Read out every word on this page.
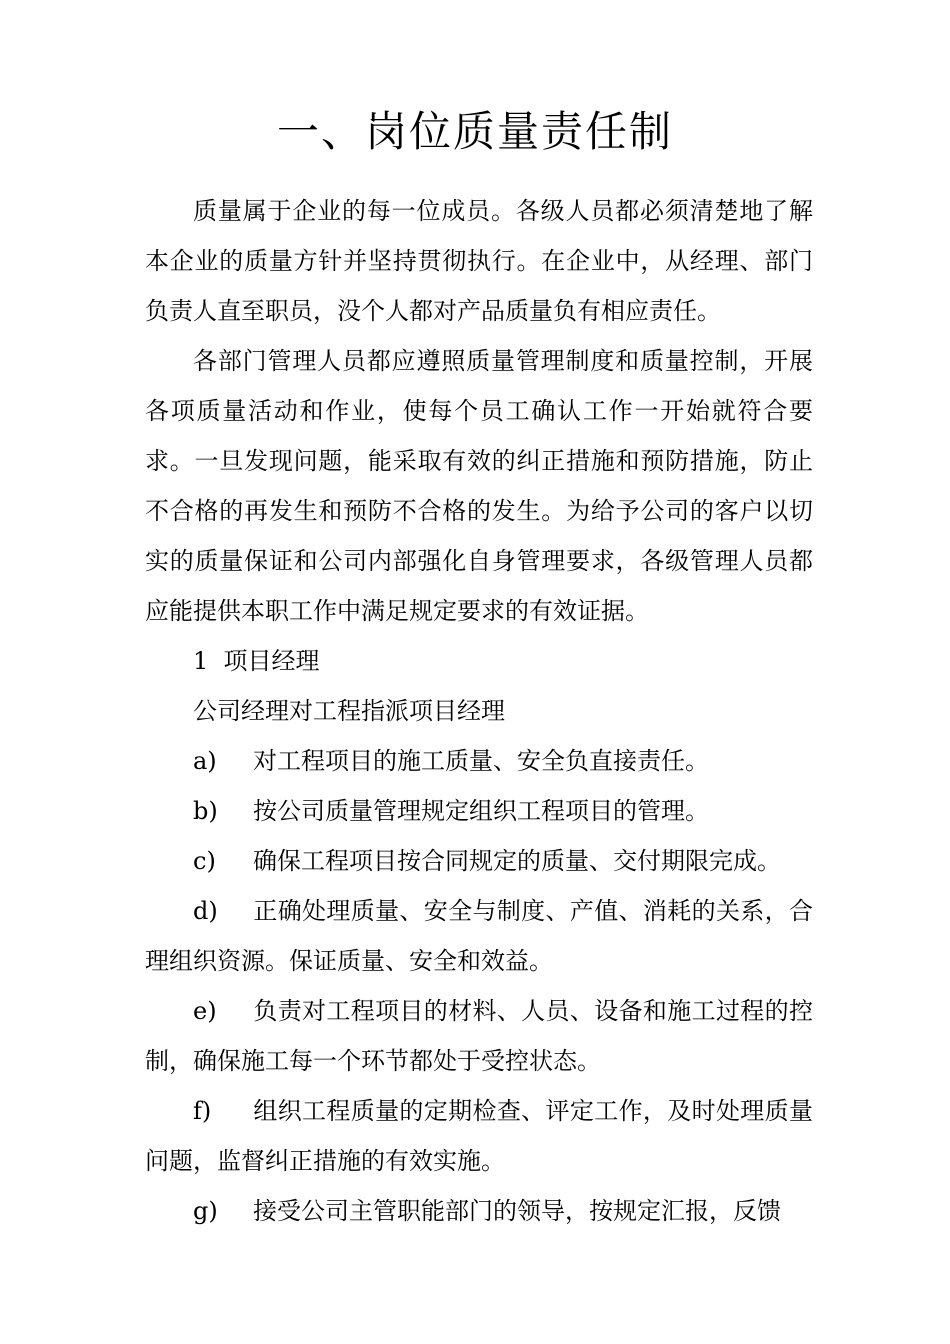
一、岗位质量责任制

质量属于企业的每一位成员。各级人员都必须清楚地了解本企业的质量方针并坚持贯彻执行。在企业中，从经理、部门负责人直至职员，没个人都对产品质量负有相应责任。

各部门管理人员都应遵照质量管理制度和质量控制，开展各项质量活动和作业，使每个员工确认工作一开始就符合要求。一旦发现问题，能采取有效的纠正措施和预防措施，防止不合格的再发生和预防不合格的发生。为给予公司的客户以切实的质量保证和公司内部强化自身管理要求，各级管理人员都应能提供本职工作中满足规定要求的有效证据。

1  项目经理

公司经理对工程指派项目经理

a) 对工程项目的施工质量、安全负直接责任。

b) 按公司质量管理规定组织工程项目的管理。

c) 确保工程项目按合同规定的质量、交付期限完成。

d) 正确处理质量、安全与制度、产值、消耗的关系，合理组织资源。保证质量、安全和效益。

e) 负责对工程项目的材料、人员、设备和施工过程的控制，确保施工每一个环节都处于受控状态。

f) 组织工程质量的定期检查、评定工作，及时处理质量问题，监督纠正措施的有效实施。

g) 接受公司主管职能部门的领导，按规定汇报，反馈
